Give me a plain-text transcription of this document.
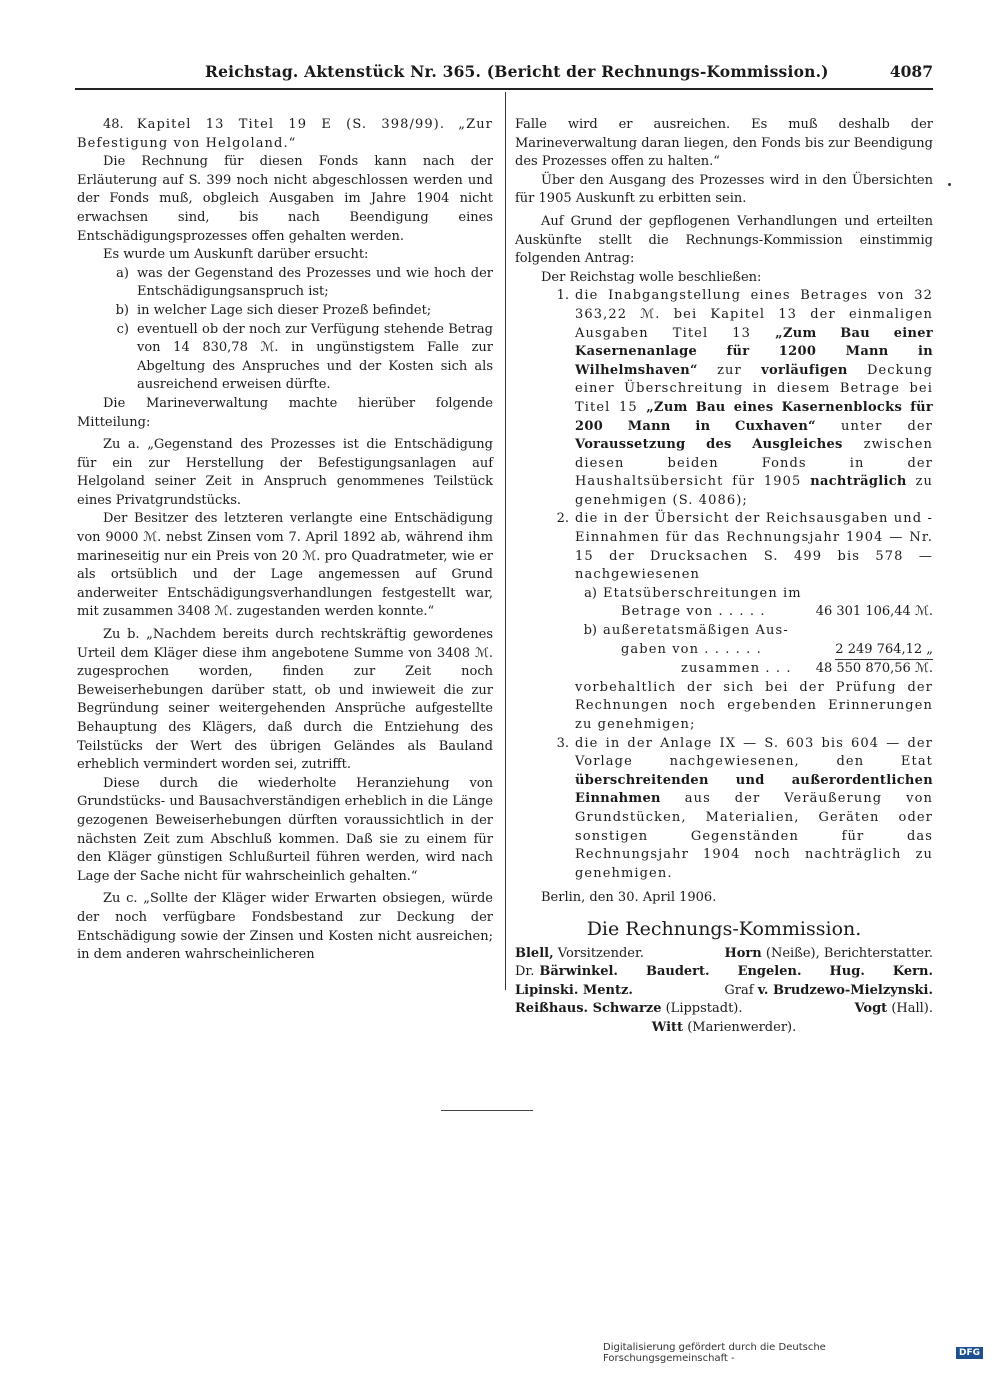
Reichstag. Aktenstück Nr. 365. (Bericht der Rechnungs-Kommission.)	4087

48. Kapitel 13 Titel 19 E (S. 398/99). „Zur Befestigung von Helgoland.“

Die Rechnung für diesen Fonds kann nach der Erläuterung auf S. 399 noch nicht abgeschlossen werden und der Fonds muß, obgleich Ausgaben im Jahre 1904 nicht erwachsen sind, bis nach Beendigung eines Entschädigungsprozesses offen gehalten werden.

Es wurde um Auskunft darüber ersucht:

a) was der Gegenstand des Prozesses und wie hoch der Entschädigungsanspruch ist;
b) in welcher Lage sich dieser Prozeß befindet;
c) eventuell ob der noch zur Verfügung stehende Betrag von 14 830,78 ℳ. in ungünstigstem Falle zur Abgeltung des Anspruches und der Kosten sich als ausreichend erweisen dürfte.

Die Marineverwaltung machte hierüber folgende Mitteilung:

Zu a. „Gegenstand des Prozesses ist die Entschädigung für ein zur Herstellung der Befestigungsanlagen auf Helgoland seiner Zeit in Anspruch genommenes Teilstück eines Privatgrundstücks.

Der Besitzer des letzteren verlangte eine Entschädigung von 9000 ℳ. nebst Zinsen vom 7. April 1892 ab, während ihm marineseitig nur ein Preis von 20 ℳ. pro Quadratmeter, wie er als ortsüblich und der Lage angemessen auf Grund anderweiter Entschädigungsverhandlungen festgestellt war, mit zusammen 3408 ℳ. zugestanden werden konnte.“

Zu b. „Nachdem bereits durch rechtskräftig gewordenes Urteil dem Kläger diese ihm angebotene Summe von 3408 ℳ. zugesprochen worden, finden zur Zeit noch Beweiserhebungen darüber statt, ob und inwieweit die zur Begründung seiner weitergehenden Ansprüche aufgestellte Behauptung des Klägers, daß durch die Entziehung des Teilstücks der Wert des übrigen Geländes als Bauland erheblich vermindert worden sei, zutrifft.

Diese durch die wiederholte Heranziehung von Grundstücks- und Bausachverständigen erheblich in die Länge gezogenen Beweiserhebungen dürften voraussichtlich in der nächsten Zeit zum Abschluß kommen. Daß sie zu einem für den Kläger günstigen Schlußurteil führen werden, wird nach Lage der Sache nicht für wahrscheinlich gehalten.“

Zu c. „Sollte der Kläger wider Erwarten obsiegen, würde der noch verfügbare Fondsbestand zur Deckung der Entschädigung sowie der Zinsen und Kosten nicht ausreichen; in dem anderen wahrscheinlicheren

Falle wird er ausreichen. Es muß deshalb der Marineverwaltung daran liegen, den Fonds bis zur Beendigung des Prozesses offen zu halten.“

Über den Ausgang des Prozesses wird in den Übersichten für 1905 Auskunft zu erbitten sein.

Auf Grund der gepflogenen Verhandlungen und erteilten Auskünfte stellt die Rechnungs-Kommission einstimmig folgenden Antrag:

Der Reichstag wolle beschließen:

1. die Inabgangstellung eines Betrages von 32 363,22 ℳ. bei Kapitel 13 der einmaligen Ausgaben Titel 13 „Zum Bau einer Kasernenanlage für 1200 Mann in Wilhelmshaven“ zur vorläufigen Deckung einer Überschreitung in diesem Betrage bei Titel 15 „Zum Bau eines Kasernenblocks für 200 Mann in Cuxhaven“ unter der Voraussetzung des Ausgleiches zwischen diesen beiden Fonds in der Haushaltsübersicht für 1905 nachträglich zu genehmigen (S. 4086);
2. die in der Übersicht der Reichsausgaben und -Einnahmen für das Rechnungsjahr 1904 — Nr. 15 der Drucksachen S. 499 bis 578 — nachgewiesenen
a) Etatsüberschreitungen im
Betrage von . . . . .	46 301 106,44 ℳ.
b) außeretatsmäßigen Aus-
gaben von . . . . . .	2 249 764,12 „
zusammen . . .	48 550 870,56 ℳ.

vorbehaltlich der sich bei der Prüfung der Rechnungen noch ergebenden Erinnerungen zu genehmigen;

3. die in der Anlage IX — S. 603 bis 604 — der Vorlage nachgewiesenen, den Etat überschreitenden und außerordentlichen Einnahmen aus der Veräußerung von Grundstücken, Materialien, Geräten oder sonstigen Gegenständen für das Rechnungsjahr 1904 noch nachträglich zu genehmigen.

Berlin, den 30. April 1906.

Die Rechnungs-Kommission.
Blell, Vorsitzender.	Horn (Neiße), Berichterstatter.
Dr. Bärwinkel. Baudert. Engelen. Hug. Kern.
Lipinski. Mentz.	Graf v. Brudzewo-Mielzynski.
Reißhaus. Schwarze (Lippstadt).	Vogt (Hall).
Witt (Marienwerder).
Digitalisierung gefördert durch die Deutsche Forschungsgemeinschaft -	DFG
